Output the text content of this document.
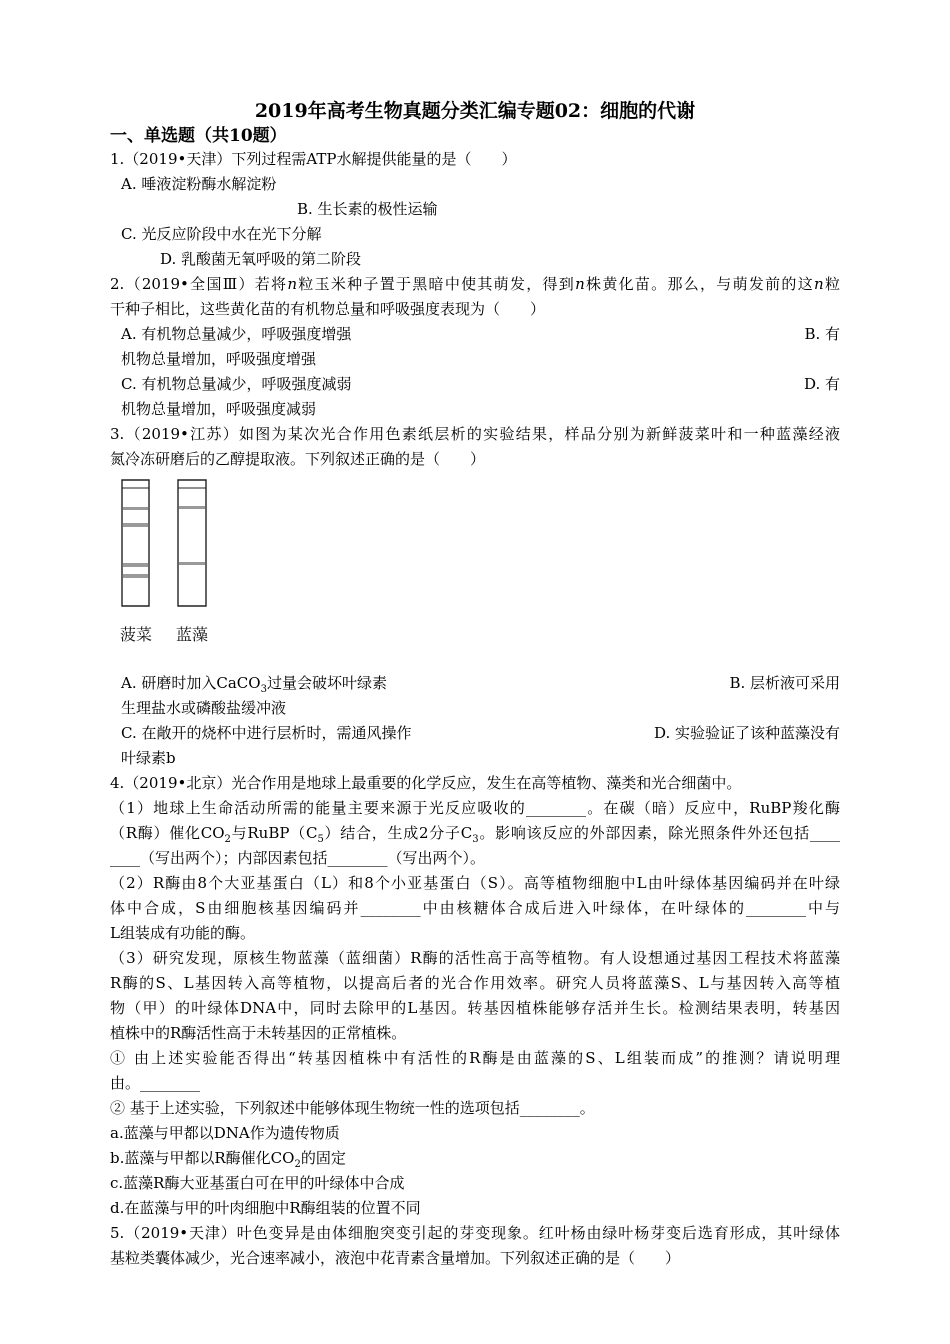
2019年高考生物真题分类汇编专题02：细胞的代谢
一、单选题（共10题）
1.（2019•天津）下列过程需ATP水解提供能量的是（　　）
A. 唾液淀粉酶水解淀粉
B. 生长素的极性运输
C. 光反应阶段中水在光下分解
D. 乳酸菌无氧呼吸的第二阶段
2.（2019•全国Ⅲ）若将n粒玉米种子置于黑暗中使其萌发，得到n株黄化苗。那么，与萌发前的这n粒
干种子相比，这些黄化苗的有机物总量和呼吸强度表现为（　　）
A. 有机物总量减少，呼吸强度增强	B. 有
机物总量增加，呼吸强度增强
C. 有机物总量减少，呼吸强度减弱	D. 有
机物总量增加，呼吸强度减弱
3.（2019•江苏）如图为某次光合作用色素纸层析的实验结果，样品分别为新鲜菠菜叶和一种蓝藻经液
氮冷冻研磨后的乙醇提取液。下列叙述正确的是（　　）
菠菜 蓝藻
A. 研磨时加入CaCO$_3$过量会破坏叶绿素	B. 层析液可采用
生理盐水或磷酸盐缓冲液
C. 在敞开的烧杯中进行层析时，需通风操作	D. 实验验证了该种蓝藻没有
叶绿素b
4.（2019•北京）光合作用是地球上最重要的化学反应，发生在高等植物、藻类和光合细菌中。
（1）地球上生命活动所需的能量主要来源于光反应吸收的________。在碳（暗）反应中，RuBP羧化酶
（R酶）催化$CO_2$与$RuBP(C_5)$结合，生成2分子$C_3$。影响该反应的外部因素，除光照条件外还包括____
____（写出两个）；内部因素包括________（写出两个）。
（2）R酶由8个大亚基蛋白（L）和8个小亚基蛋白（S）。高等植物细胞中L由叶绿体基因编码并在叶绿
体中合成，S由细胞核基因编码并________中由核糖体合成后进入叶绿体，在叶绿体的________中与
L组装成有功能的酶。
（3）研究发现，原核生物蓝藻（蓝细菌）R酶的活性高于高等植物。有人设想通过基因工程技术将蓝藻
R酶的S、L基因转入高等植物，以提高后者的光合作用效率。研究人员将蓝藻S、L与基因转入高等植
物（甲）的叶绿体DNA中，同时去除甲的L基因。转基因植株能够存活并生长。检测结果表明，转基因
植株中的R酶活性高于未转基因的正常植株。
① 由上述实验能否得出“转基因植株中有活性的R酶是由蓝藻的S、L组装而成”的推测？请说明理
由。________
② 基于上述实验，下列叙述中能够体现生物统一性的选项包括________。
a.蓝藻与甲都以DNA作为遗传物质
b.蓝藻与甲都以R酶催化$CO_2$的固定
c.蓝藻R酶大亚基蛋白可在甲的叶绿体中合成
d.在蓝藻与甲的叶肉细胞中R酶组装的位置不同
5.（2019•天津）叶色变异是由体细胞突变引起的芽变现象。红叶杨由绿叶杨芽变后选育形成，其叶绿体
基粒类囊体减少，光合速率减小，液泡中花青素含量增加。下列叙述正确的是（　　）
